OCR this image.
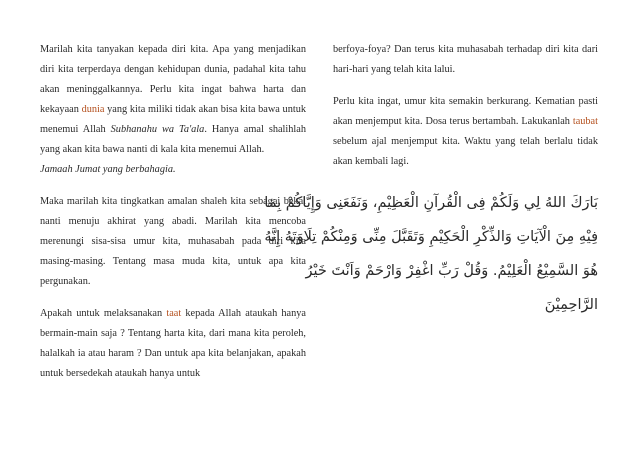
Marilah kita tanyakan kepada diri kita. Apa yang menjadikan diri kita terperdaya dengan kehidupan dunia, padahal kita tahu akan meninggalkannya. Perlu kita ingat bahwa harta dan kekayaan dunia yang kita miliki tidak akan bisa kita bawa untuk menemui Allah Subhanahu wa Ta'ala. Hanya amal shalihlah yang akan kita bawa nanti di kala kita menemui Allah.

Jamaah Jumat yang berbahagia.

Maka marilah kita tingkatkan amalan shaleh kita sebagai bekal nanti menuju akhirat yang abadi. Marilah kita mencoba merenungi sisa-sisa umur kita, muhasabah pada diri kita masing-masing. Tentang masa muda kita, untuk apa kita pergunakan.

Apakah untuk melaksanakan taat kepada Allah ataukah hanya bermain-main saja ? Tentang harta kita, dari mana kita peroleh, halalkah ia atau haram ? Dan untuk apa kita belanjakan, apakah untuk bersedekah ataukah hanya untuk

berfoya-foya? Dan terus kita muhasabah terhadap diri kita dari hari-hari yang telah kita lalui.

Perlu kita ingat, umur kita semakin berkurang. Kematian pasti akan menjemput kita. Dosa terus bertambah. Lakukanlah taubat sebelum ajal menjemput kita. Waktu yang telah berlalu tidak akan kembali lagi.

بَارَكَ اللهُ لِي وَلَكُمْ فِى الْقُرآنِ الْعَظِيْمِ، وَنَفَعَنِى وَإِيَّاكُمْ بِمَا
فِيْهِ مِنَ الْآيَاتِ وَالذِّكْرِ الْحَكِيْمِ وَتَقَبَّلَ مِنِّى وَمِنْكُمْ تِلَاوَتَهُ إِنَّهُ
هُوَ السَّمِيْعُ الْعَلِيْمُ. وَقُلْ رَبِّ اغْفِرْ وَارْحَمْ وَاَنْتَ خَيْرُ
الرَّاحِمِيْنَ
